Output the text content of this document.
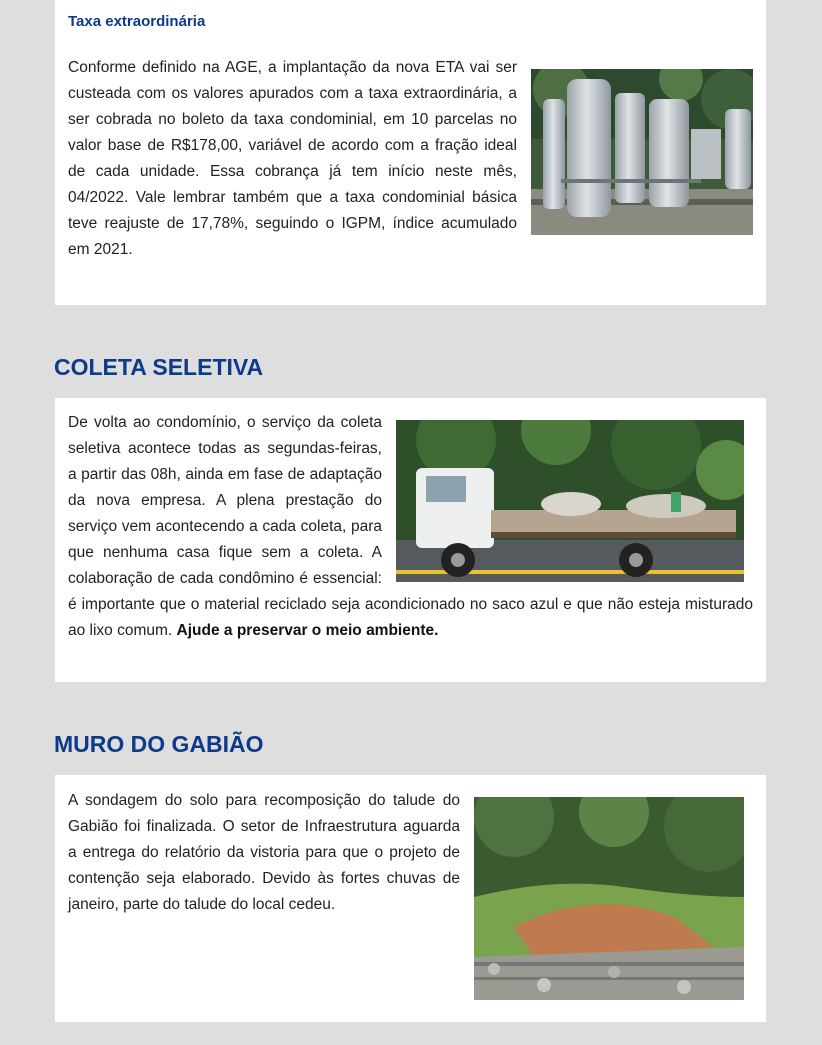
Taxa extraordinária

Conforme definido na AGE, a implantação da nova ETA vai ser custeada com os valores apurados com a taxa extraordinária, a ser cobrada no boleto da taxa condominial, em 10 parcelas no valor base de R$178,00, variável de acordo com a fração ideal de cada unidade. Essa cobrança já tem início neste mês, 04/2022. Vale lembrar também que a taxa condominial básica teve reajuste de 17,78%, seguindo o IGPM, índice acumulado em 2021.

COLETA SELETIVA

De volta ao condomínio, o serviço da coleta seletiva acontece todas as segundas-feiras, a partir das 08h, ainda em fase de adaptação da nova empresa. A plena prestação do serviço vem acontecendo a cada coleta, para que nenhuma casa fique sem a coleta. A colaboração de cada condômino é essencial: é importante que o material reciclado seja acondicionado no saco azul e que não esteja misturado ao lixo comum. Ajude a preservar o meio ambiente.

MURO DO GABIÃO

A sondagem do solo para recomposição do talude do Gabião foi finalizada. O setor de Infraestrutura aguarda a entrega do relatório da vistoria para que o projeto de contenção seja elaborado. Devido às fortes chuvas de janeiro, parte do talude do local cedeu.
